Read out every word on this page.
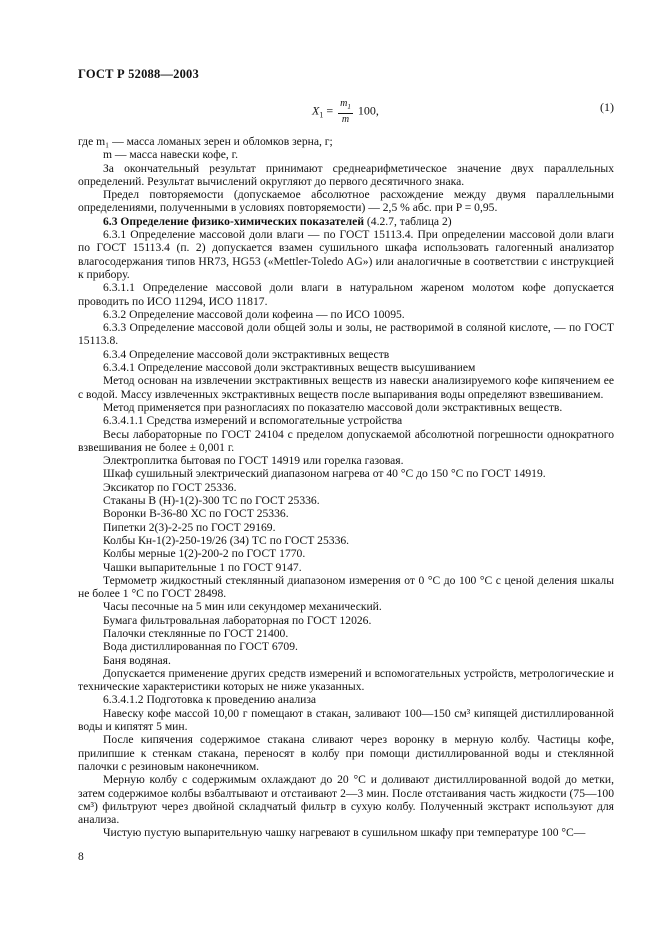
ГОСТ Р 52088—2003
$X_1 = \frac{m_1}{m} 100$,	(1)

где m₁ — масса ломаных зерен и обломков зерна, г;

m — масса навески кофе, г.

За окончательный результат принимают среднеарифметическое значение двух параллельных определений. Результат вычислений округляют до первого десятичного знака.

Предел повторяемости (допускаемое абсолютное расхождение между двумя параллельными определениями, полученными в условиях повторяемости) — 2,5 % абс. при P = 0,95.

6.3 Определение физико-химических показателей (4.2.7, таблица 2)

6.3.1 Определение массовой доли влаги — по ГОСТ 15113.4. При определении массовой доли влаги по ГОСТ 15113.4 (п. 2) допускается взамен сушильного шкафа использовать галогенный анализатор влагосодержания типов HR73, HG53 («Mettler-Toledo AG») или аналогичные в соответствии с инструкцией к прибору.

6.3.1.1 Определение массовой доли влаги в натуральном жареном молотом кофе допускается проводить по ИСО 11294, ИСО 11817.

6.3.2 Определение массовой доли кофеина — по ИСО 10095.

6.3.3 Определение массовой доли общей золы и золы, не растворимой в соляной кислоте, — по ГОСТ 15113.8.

6.3.4 Определение массовой доли экстрактивных веществ

6.3.4.1 Определение массовой доли экстрактивных веществ высушиванием

Метод основан на извлечении экстрактивных веществ из навески анализируемого кофе кипячением ее с водой. Массу извлеченных экстрактивных веществ после выпаривания воды определяют взвешиванием.

Метод применяется при разногласиях по показателю массовой доли экстрактивных веществ.

6.3.4.1.1 Средства измерений и вспомогательные устройства

Весы лабораторные по ГОСТ 24104 с пределом допускаемой абсолютной погрешности однократного взвешивания не более ± 0,001 г.

Электроплитка бытовая по ГОСТ 14919 или горелка газовая.

Шкаф сушильный электрический диапазоном нагрева от 40 °С до 150 °С по ГОСТ 14919.

Эксикатор по ГОСТ 25336.

Стаканы В (Н)-1(2)-300 ТС по ГОСТ 25336.

Воронки В-36-80 ХС по ГОСТ 25336.

Пипетки 2(3)-2-25 по ГОСТ 29169.

Колбы Кн-1(2)-250-19/26 (34) ТС по ГОСТ 25336.

Колбы мерные 1(2)-200-2 по ГОСТ 1770.

Чашки выпарительные 1 по ГОСТ 9147.

Термометр жидкостный стеклянный диапазоном измерения от 0 °С до 100 °С с ценой деления шкалы не более 1 °С по ГОСТ 28498.

Часы песочные на 5 мин или секундомер механический.

Бумага фильтровальная лабораторная по ГОСТ 12026.

Палочки стеклянные по ГОСТ 21400.

Вода дистиллированная по ГОСТ 6709.

Баня водяная.

Допускается применение других средств измерений и вспомогательных устройств, метрологические и технические характеристики которых не ниже указанных.

6.3.4.1.2 Подготовка к проведению анализа

Навеску кофе массой 10,00 г помещают в стакан, заливают 100—150 см³ кипящей дистиллированной воды и кипятят 5 мин.

После кипячения содержимое стакана сливают через воронку в мерную колбу. Частицы кофе, прилипшие к стенкам стакана, переносят в колбу при помощи дистиллированной воды и стеклянной палочки с резиновым наконечником.

Мерную колбу с содержимым охлаждают до 20 °С и доливают дистиллированной водой до метки, затем содержимое колбы взбалтывают и отстаивают 2—3 мин. После отстаивания часть жидкости (75—100 см³) фильтруют через двойной складчатый фильтр в сухую колбу. Полученный экстракт используют для анализа.

Чистую пустую выпарительную чашку нагревают в сушильном шкафу при температуре 100 °С—

8
